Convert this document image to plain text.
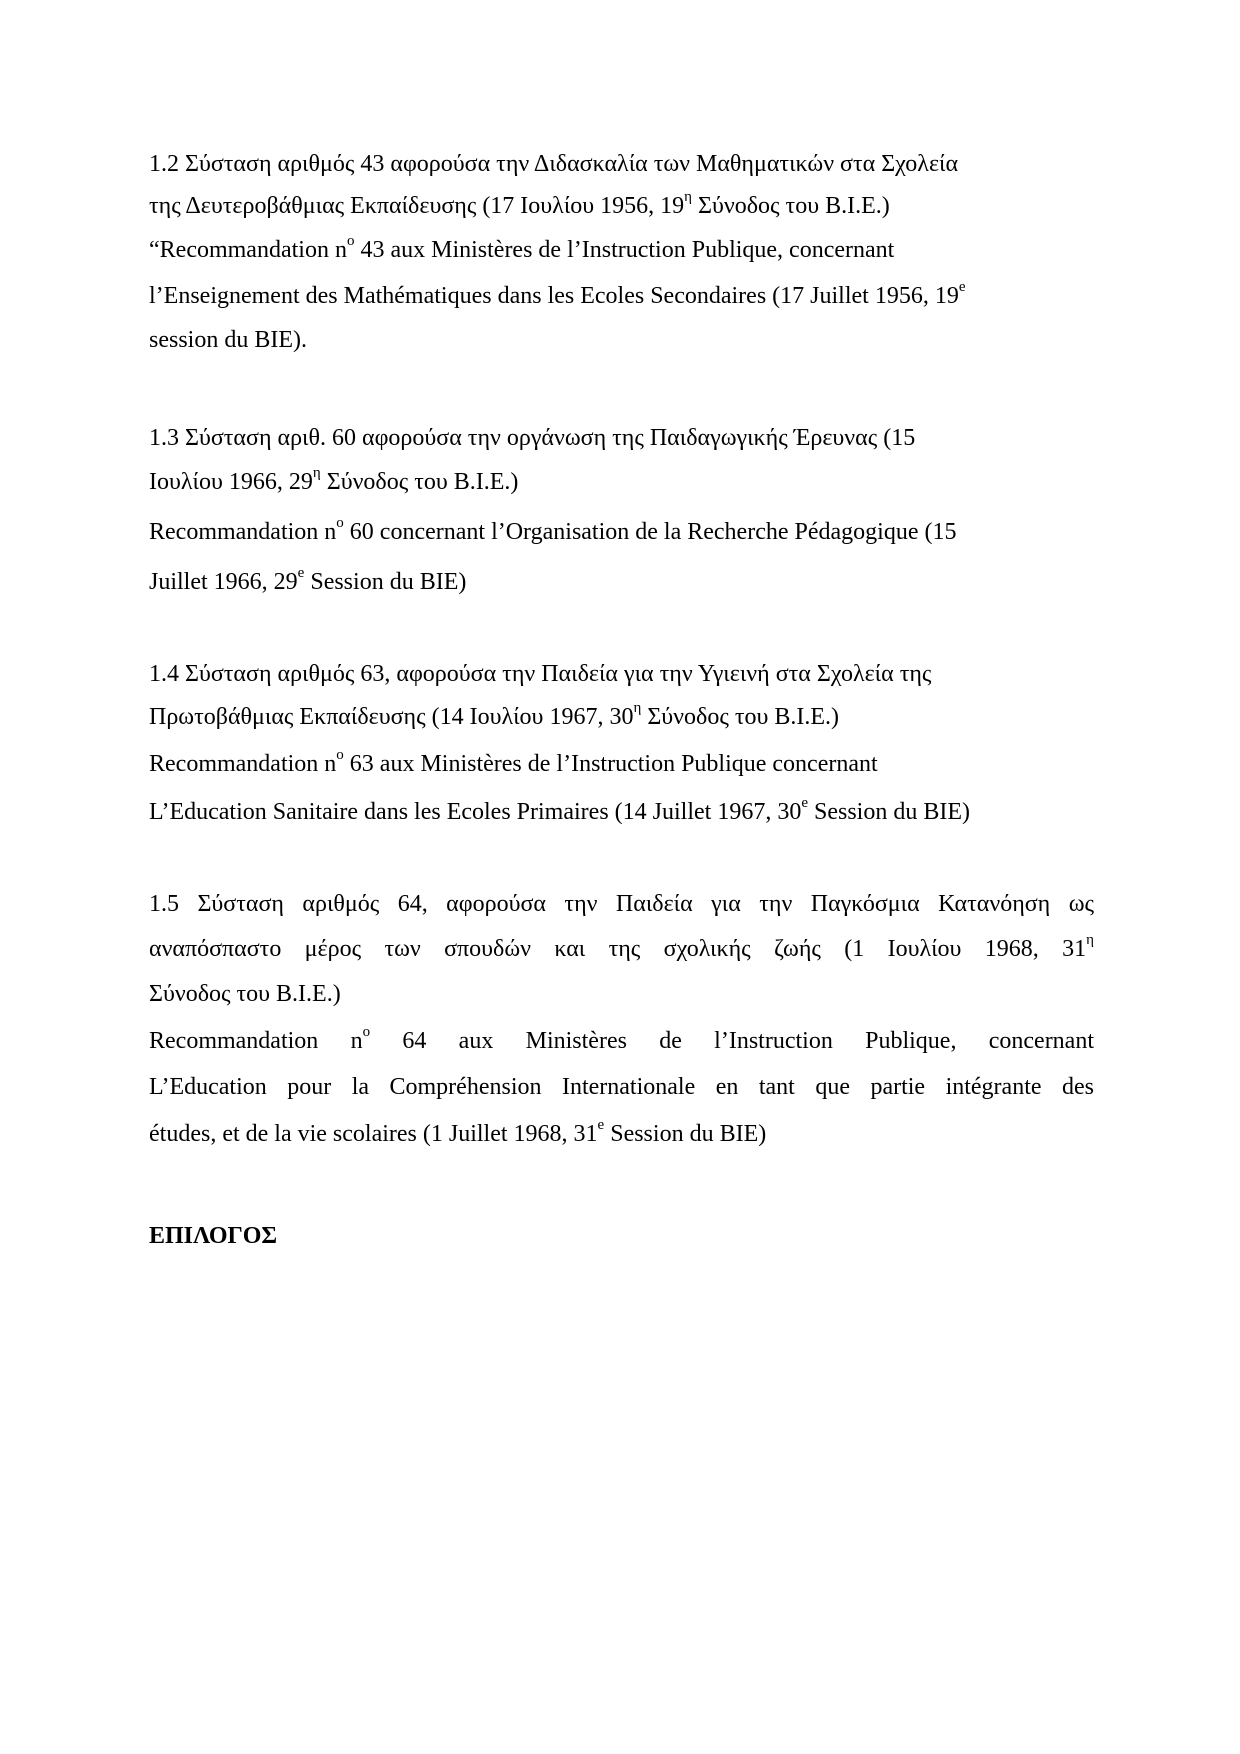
1.2 Σύσταση αριθμός 43 αφορούσα την Διδασκαλία των Μαθηματικών στα Σχολεία
της Δευτεροβάθμιας Εκπαίδευσης (17 Ιουλίου 1956, $19^\eta$ Σύνοδος του Β.Ι.Ε.)
“Recommandation $n^o$ 43 aux Ministères de l’Instruction Publique, concernant
l’Enseignement des Mathématiques dans les Ecoles Secondaires (17 Juillet 1956, 19e
session du BIE).
1.3 Σύσταση αριθ. 60 αφορούσα την οργάνωση της Παιδαγωγικής Έρευνας (15
Ιουλίου 1966, $29^\eta$ Σύνοδος του Β.Ι.Ε.)
Recommandation $n^o$ 60 concernant l’Organisation de la Recherche Pédagogique (15
Juillet 1966, 29e Session du BIE)
1.4 Σύσταση αριθμός 63, αφορούσα την Παιδεία για την Υγιεινή στα Σχολεία της
Πρωτοβάθμιας Εκπαίδευσης (14 Ιουλίου 1967, $30^\eta$ Σύνοδος του Β.Ι.Ε.)
Recommandation $n^o$ 63 aux Ministères de l’Instruction Publique concernant
L’Education Sanitaire dans les Ecoles Primaires (14 Juillet 1967, 30e Session du BIE)
1.5 Σύσταση αριθμός 64, αφορούσα την Παιδεία για την Παγκόσμια Κατανόηση ως
αναπόσπαστο μέρος των σπουδών και της σχολικής ζωής (1 Ιουλίου 1968, $31^\eta$
Σύνοδος του Β.Ι.Ε.)
Recommandation $n^o$ 64 aux Ministères de l’Instruction Publique, concernant
L’Education pour la Compréhension Internationale en tant que partie intégrante des
études, et de la vie scolaires (1 Juillet 1968, 31e Session du BIE)
ΕΠΙΛΟΓΟΣ
